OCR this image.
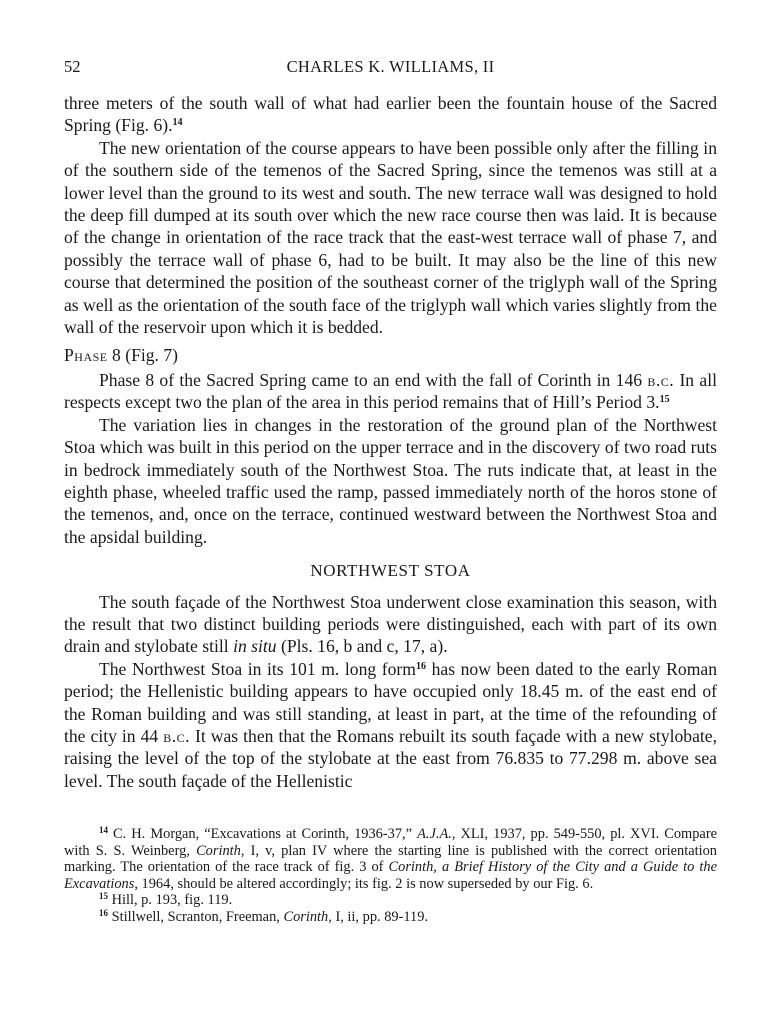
52	CHARLES K. WILLIAMS, II

three meters of the south wall of what had earlier been the fountain house of the Sacred Spring (Fig. 6).$^{14}$

The new orientation of the course appears to have been possible only after the filling in of the southern side of the temenos of the Sacred Spring, since the temenos was still at a lower level than the ground to its west and south. The new terrace wall was designed to hold the deep fill dumped at its south over which the new race course then was laid. It is because of the change in orientation of the race track that the east-west terrace wall of phase 7, and possibly the terrace wall of phase 6, had to be built. It may also be the line of this new course that determined the position of the southeast corner of the triglyph wall of the Spring as well as the orientation of the south face of the triglyph wall which varies slightly from the wall of the reservoir upon which it is bedded.

Phase 8 (Fig. 7)

Phase 8 of the Sacred Spring came to an end with the fall of Corinth in 146 b.c. In all respects except two the plan of the area in this period remains that of Hill’s Period 3.15

The variation lies in changes in the restoration of the ground plan of the Northwest Stoa which was built in this period on the upper terrace and in the discovery of two road ruts in bedrock immediately south of the Northwest Stoa. The ruts indicate that, at least in the eighth phase, wheeled traffic used the ramp, passed immediately north of the horos stone of the temenos, and, once on the terrace, continued westward between the Northwest Stoa and the apsidal building.

NORTHWEST STOA

The south façade of the Northwest Stoa underwent close examination this season, with the result that two distinct building periods were distinguished, each with part of its own drain and stylobate still in situ (Pls. 16, b and c, 17, a).

The Northwest Stoa in its 101 m. long form$^{16}$ has now been dated to the early Roman period; the Hellenistic building appears to have occupied only 18.45 m. of the east end of the Roman building and was still standing, at least in part, at the time of the refounding of the city in 44 b.c. It was then that the Romans rebuilt its south façade with a new stylobate, raising the level of the top of the stylobate at the east from 76.835 to 77.298 m. above sea level. The south façade of the Hellenistic

$^{14}$ C. H. Morgan, “Excavations at Corinth, 1936-37,” A.J.A., XLI, 1937, pp. 549-550, pl. XVI. Compare with S. S. Weinberg, Corinth, I, v, plan IV where the starting line is published with the correct orientation marking. The orientation of the race track of fig. 3 of Corinth, a Brief History of the City and a Guide to the Excavations, 1964, should be altered accordingly; its fig. 2 is now superseded by our Fig. 6.

$^{15}$ Hill, p. 193, fig. 119.

$^{16}$ Stillwell, Scranton, Freeman, Corinth, I, ii, pp. 89-119.
